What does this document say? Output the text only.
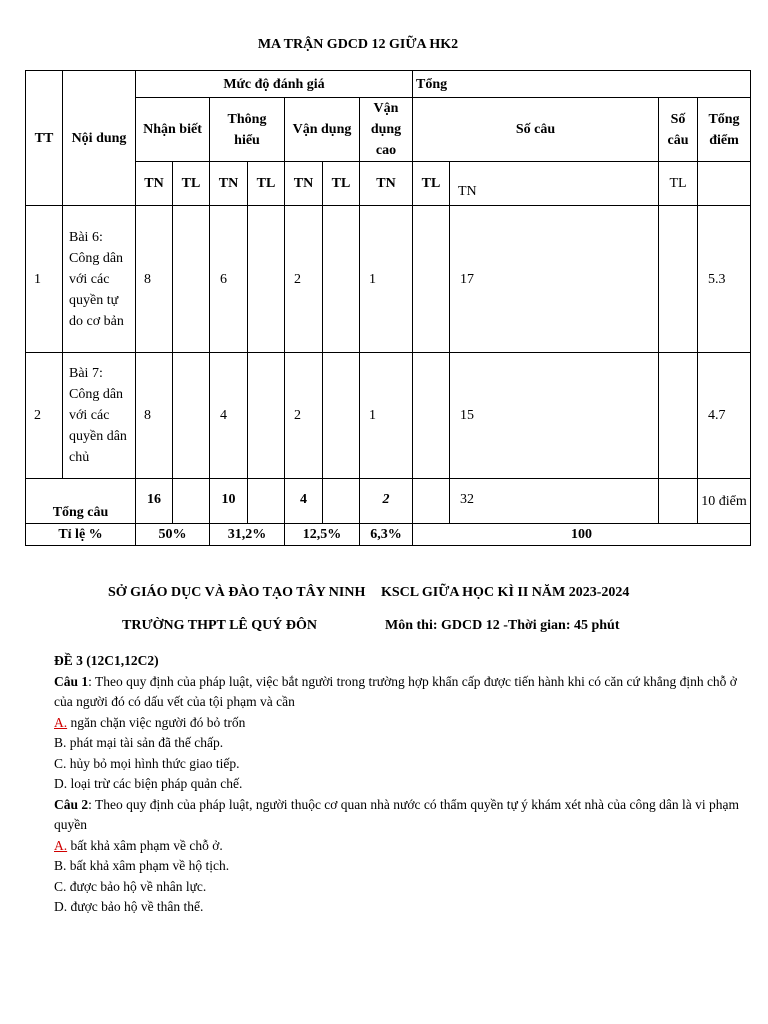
MA TRẬN GDCD 12 GIỮA HK2
TT	Nội dung	Mức độ đánh giá							Tổng			
		Nhận biết		Thông hiểu		Vận dụng		Vận dụng cao	Số câu		Số câu	Tổng điểm
		TN	TL	TN	TL	TN	TL	TN	TL	TN	TL	
1	Bài 6: Công dân với các quyền tự do cơ bản	8		6		2		1		17		5.3
2	Bài 7: Công dân với các quyền dân chủ	8		4		2		1		15		4.7
Tổng câu		16		10		4		2		32		10 điểm
Tỉ lệ %		50%		31,2%		12,5%		6,3%	100			
SỞ GIÁO DỤC VÀ ĐÀO TẠO TÂY NINH KSCL GIỮA HỌC KÌ II NĂM 2023-2024
TRƯỜNG THPT LÊ QUÝ ĐÔN	Môn thi: GDCD 12 -Thời gian: 45 phút

ĐỀ 3 (12C1,12C2)

Câu 1: Theo quy định của pháp luật, việc bắt người trong trường hợp khẩn cấp được tiến hành khi có căn cứ khẳng định chỗ ở của người đó có dấu vết của tội phạm và cần

A. ngăn chặn việc người đó bỏ trốn

B. phát mại tài sản đã thế chấp.

C. hủy bỏ mọi hình thức giao tiếp.

D. loại trừ các biện pháp quản chế.

Câu 2: Theo quy định của pháp luật, người thuộc cơ quan nhà nước có thẩm quyền tự ý khám xét nhà của công dân là vi phạm quyền

A. bất khả xâm phạm về chỗ ở.

B. bất khả xâm phạm về hộ tịch.

C. được bảo hộ về nhân lực.

D. được bảo hộ về thân thể.
